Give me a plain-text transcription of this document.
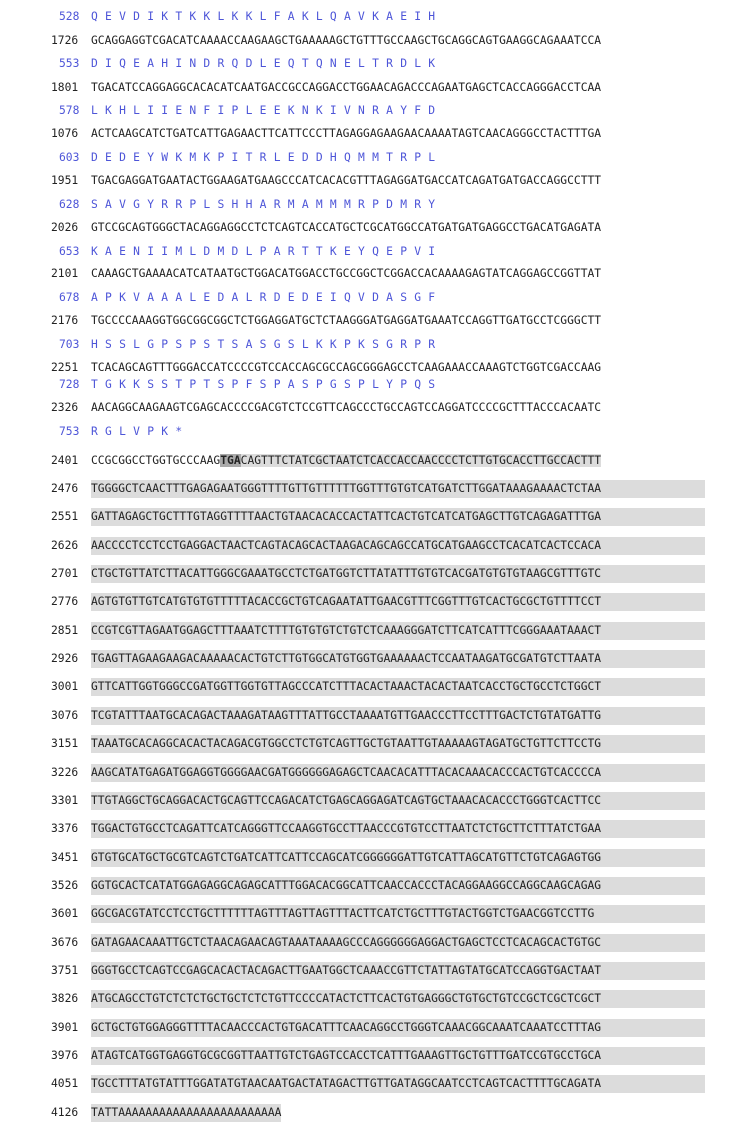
528	Q E V D I K T K K L K K L F A K L Q A V K A E I H
553	D I Q E A H I N D R Q D L E Q T Q N E L T R D L K
578	L K H L I I E N F I P L E E K N K I V N R A Y F D
603	D E D E Y W K M K P I T R L E D D H Q M M T R P L
628	S A V G Y R R P L S H H A R M A M M M R P D M R Y
653	K A E N I I M L D M D L P A R T T K E Y Q E P V I
678	A P K V A A A L E D A L R D E D E I Q V D A S G F
703	H S S L G P S P S T S A S G S L K K P K S G R P R
728	T G K K S S T P T S P F S P A S P G S P L Y P Q S
753	R G L V P K *
1726	GCAGGAGGTCGACATCAAAACCAAGAAGCTGAAAAAGCTGTTTGCCAAGCTGCAGGCAGTGAAGGCAGAAATCCA
1801	TGACATCCAGGAGGCACACATCAATGACCGCCAGGACCTGGAACAGACCCAGAATGAGCTCACCAGGGACCTCAA
1076	ACTCAAGCATCTGATCATTGAGAACTTCATTCCCTTAGAGGAGAAGAACAAAATAGTCAACAGGGCCTACTTTGA
1951	TGACGAGGATGAATACTGGAAGATGAAGCCCATCACACGTTTAGAGGATGACCATCAGATGATGACCAGGCCTTT
2026	GTCCGCAGTGGGCTACAGGAGGCCTCTCAGTCACCATGCTCGCATGGCCATGATGATGAGGCCTGACATGAGATA
2101	CAAAGCTGAAAACATCATAATGCTGGACATGGACCTGCCGGCTCGGACCACAAAAGAGTATCAGGAGCCGGTTAT
2176	TGCCCCAAAGGTGGCGGCGGCTCTGGAGGATGCTCTAAGGGATGAGGATGAAATCCAGGTTGATGCCTCGGGCTT
2251	TCACAGCAGTTTGGGACCATCCCCGTCCACCAGCGCCAGCGGGAGCCTCAAGAAACCAAAGTCTGGTCGACCAAG
2326	AACAGGCAAGAAGTCGAGCACCCCGACGTCTCCGTTCAGCCCTGCCAGTCCAGGATCCCCGCTTTACCCACAATC
2401	CCGCGGCCTGGTGCCCAAGTGACAGTTTCTATCGCTAATCTCACCACCAACCCCTCTTGTGCACCTTGCCACTTT
2476	TGGGGCTCAACTTTGAGAGAATGGGTTTTGTTGTTTTTTGGTTTGTGTCATGATCTTGGATAAAGAAAACTCTAA
2551	GATTAGAGCTGCTTTGTAGGTTTTAACTGTAACACACCACTATTCACTGTCATCATGAGCTTGTCAGAGATTTGA
2626	AACCCCTCCTCCTGAGGACTAACTCAGTACAGCACTAAGACAGCAGCCATGCATGAAGCCTCACATCACTCCACA
2701	CTGCTGTTATCTTACATTGGGCGAAATGCCTCTGATGGTCTTATATTTGTGTCACGATGTGTGTAAGCGTTTGTC
2776	AGTGTGTTGTCATGTGTGTTTTTACACCGCTGTCAGAATATTGAACGTTTCGGTTTGTCACTGCGCTGTTTTCCT
2851	CCGTCGTTAGAATGGAGCTTTAAATCTTTTGTGTGTCTGTCTCAAAGGGATCTTCATCATTTCGGGAAATAAACT
2926	TGAGTTAGAAGAAGACAAAAACACTGTCTTGTGGCATGTGGTGAAAAAACTCCAATAAGATGCGATGTCTTAATA
3001	GTTCATTGGTGGGCCGATGGTTGGTGTTAGCCCATCTTTACACTAAACTACACTAATCACCTGCTGCCTCTGGCT
3076	TCGTATTTAATGCACAGACTAAAGATAAGTTTATTGCCTAAAATGTTGAACCCTTCCTTTGACTCTGTATGATTG
3151	TAAATGCACAGGCACACTACAGACGTGGCCTCTGTCAGTTGCTGTAATTGTAAAAAGTAGATGCTGTTCTTCCTG
3226	AAGCATATGAGATGGAGGTGGGGAACGATGGGGGGAGAGCTCAACACATTTACACAAACACCCACTGTCACCCCA
3301	TTGTAGGCTGCAGGACACTGCAGTTCCAGACATCTGAGCAGGAGATCAGTGCTAAACACACCCTGGGTCACTTCC
3376	TGGACTGTGCCTCAGATTCATCAGGGTTCCAAGGTGCCTTAACCCGTGTCCTTAATCTCTGCTTCTTTATCTGAA
3451	GTGTGCATGCTGCGTCAGTCTGATCATTCATTCCAGCATCGGGGGGATTGTCATTAGCATGTTCTGTCAGAGTGG
3526	GGTGCACTCATATGGAGAGGCAGAGCATTTGGACACGGCATTCAACCACCCTACAGGAAGGCCAGGCAAGCAGAG
3601	GGCGACGTATCCTCCTGCTTTTTTAGTTTAGTTAGTTTACTTCATCTGCTTTGTACTGGTCTGAACGGTCCTTG
3676	GATAGAACAAATTGCTCTAACAGAACAGTAAATAAAAGCCCAGGGGGGAGGACTGAGCTCCTCACAGCACTGTGC
3751	GGGTGCCTCAGTCCGAGCACACTACAGACTTGAATGGCTCAAACCGTTCTATTAGTATGCATCCAGGTGACTAAT
3826	ATGCAGCCTGTCTCTCTGCTGCTCTCTGTTCCCCATACTCTTCACTGTGAGGGCTGTGCTGTCCGCTCGCTCGCT
3901	GCTGCTGTGGAGGGTTTTACAACCCACTGTGACATTTCAACAGGCCTGGGTCAAACGGCAAATCAAATCCTTTAG
3976	ATAGTCATGGTGAGGTGCGCGGTTAATTGTCTGAGTCCACCTCATTTGAAAGTTGCTGTTTGATCCGTGCCTGCA
4051	TGCCTTTATGTATTTGGATATGTAACAATGACTATAGACTTGTTGATAGGCAATCCTCAGTCACTTTTGCAGATA
4126	TATTAAAAAAAAAAAAAAAAAAAAAAAA
